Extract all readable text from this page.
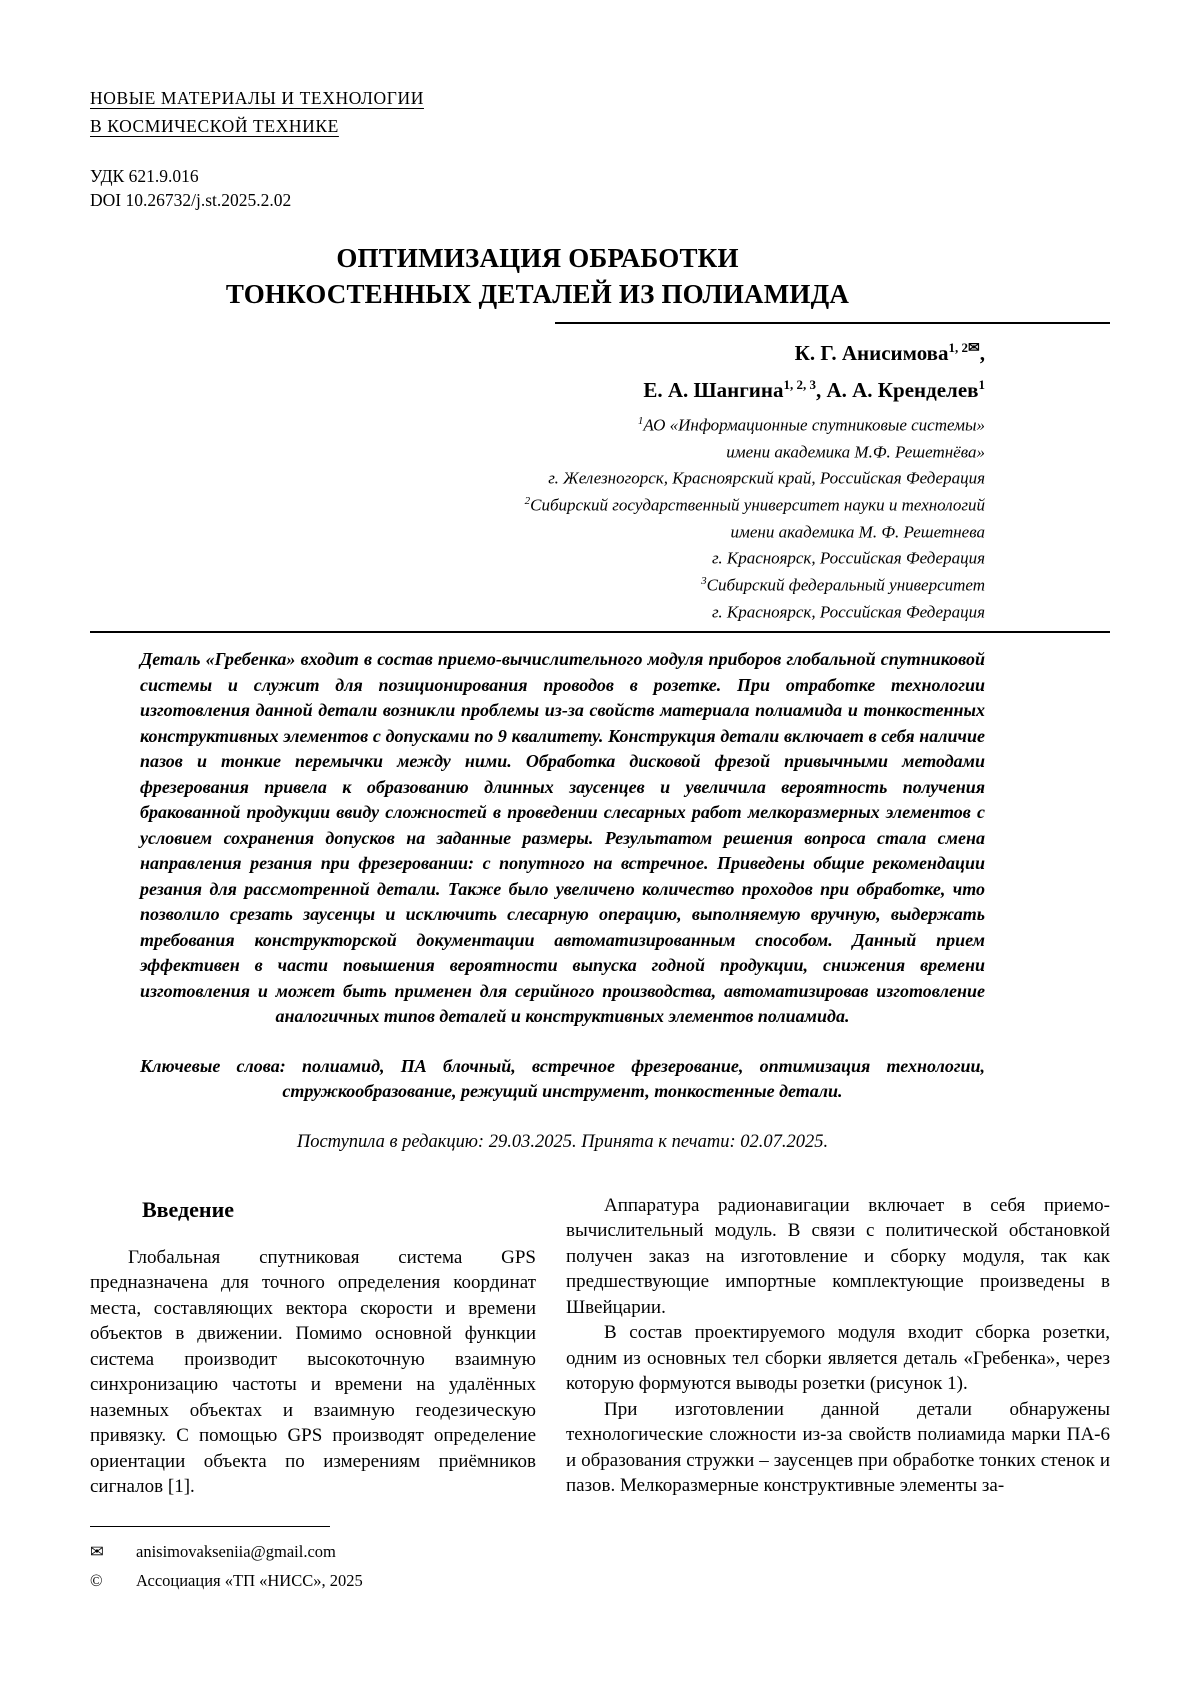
НОВЫЕ МАТЕРИАЛЫ И ТЕХНОЛОГИИ
В КОСМИЧЕСКОЙ ТЕХНИКЕ
УДК 621.9.016
DOI 10.26732/j.st.2025.2.02
ОПТИМИЗАЦИЯ ОБРАБОТКИ
ТОНКОСТЕННЫХ ДЕТАЛЕЙ ИЗ ПОЛИАМИДА
К. Г. Анисимова$^{1, 2✉}$,
Е. А. Шангина$^{1, 2, 3}$, А. А. Кренделев$^1$
$^1$АО «Информационные спутниковые системы»
имени академика М.Ф. Решетнёва»
г. Железногорск, Красноярский край, Российская Федерация
$^2$Сибирский государственный университет науки и технологий
имени академика М. Ф. Решетнева
г. Красноярск, Российская Федерация
$^3$Сибирский федеральный университет
г. Красноярск, Российская Федерация

Деталь «Гребенка» входит в состав приемо-вычислительного модуля приборов глобальной спутниковой системы и служит для позиционирования проводов в розетке. При отработке технологии изготовления данной детали возникли проблемы из-за свойств материала полиамида и тонкостенных конструктивных элементов с допусками по 9 квалитету. Конструкция детали включает в себя наличие пазов и тонкие перемычки между ними. Обработка дисковой фрезой привычными методами фрезерования привела к образованию длинных заусенцев и увеличила вероятность получения бракованной продукции ввиду сложностей в проведении слесарных работ мелкоразмерных элементов с условием сохранения допусков на заданные размеры. Результатом решения вопроса стала смена направления резания при фрезеровании: с попутного на встречное. Приведены общие рекомендации резания для рассмотренной детали. Также было увеличено количество проходов при обработке, что позволило срезать заусенцы и исключить слесарную операцию, выполняемую вручную, выдержать требования конструкторской документации автоматизированным способом. Данный прием эффективен в части повышения вероятности выпуска годной продукции, снижения времени изготовления и может быть применен для серийного производства, автоматизировав изготовление аналогичных типов деталей и конструктивных элементов полиамида.

Ключевые слова: полиамид, ПА блочный, встречное фрезерование, оптимизация технологии, стружкообразование, режущий инструмент, тонкостенные детали.

Поступила в редакцию: 29.03.2025. Принята к печати: 02.07.2025.

Введение

Глобальная спутниковая система GPS предназначена для точного определения координат места, составляющих вектора скорости и времени объектов в движении. Помимо основной функции система производит высокоточную взаимную синхронизацию частоты и времени на удалённых наземных объектах и взаимную геодезическую привязку. С помощью GPS производят определение ориентации объекта по измерениям приёмников сигналов [1].

✉	anisimovakseniia@gmail.com
©	Ассоциация «ТП «НИСС», 2025

Аппаратура радионавигации включает в себя приемо-вычислительный модуль. В связи с политической обстановкой получен заказ на изготовление и сборку модуля, так как предшествующие импортные комплектующие произведены в Швейцарии.

В состав проектируемого модуля входит сборка розетки, одним из основных тел сборки является деталь «Гребенка», через которую формуются выводы розетки (рисунок 1).

При изготовлении данной детали обнаружены технологические сложности из-за свойств полиамида марки ПА-6 и образования стружки – заусенцев при обработке тонких стенок и пазов. Мелкоразмерные конструктивные элементы за-
